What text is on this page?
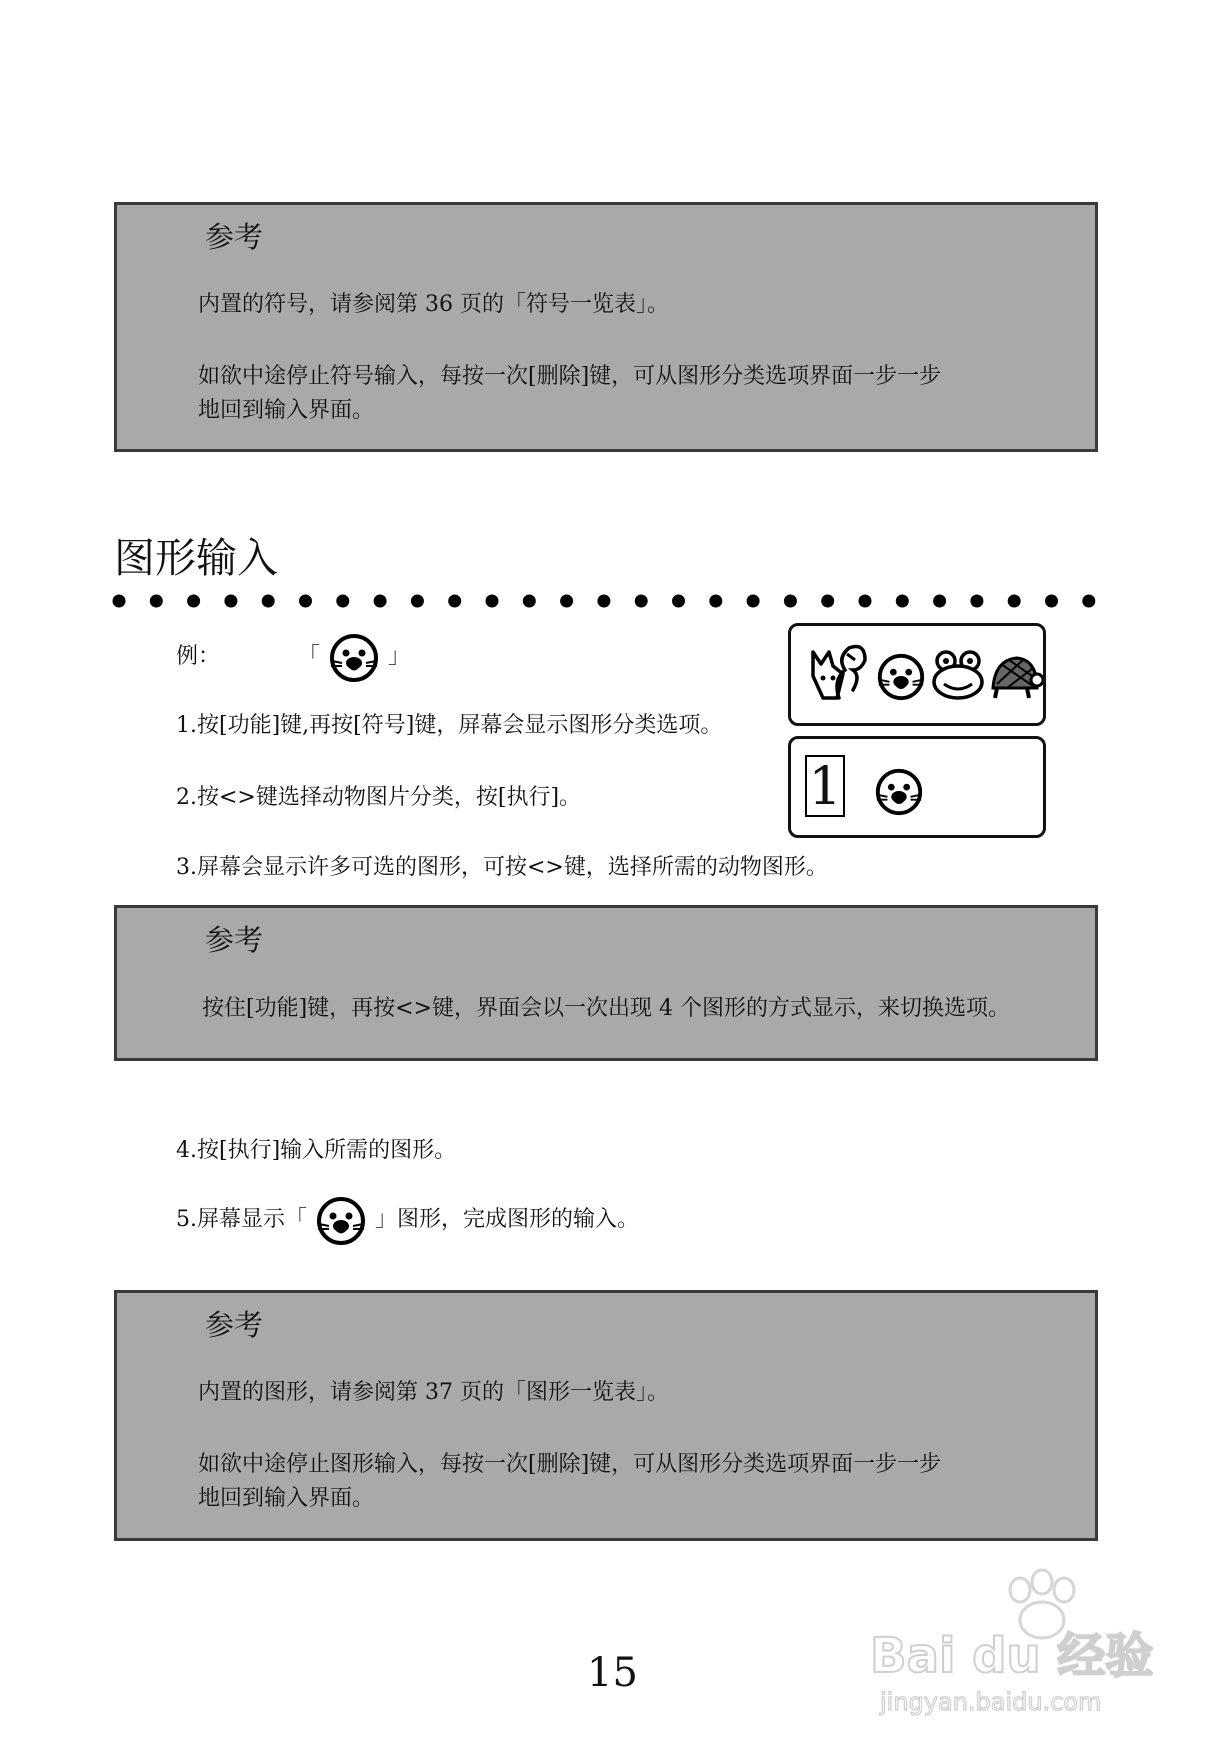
参考

内置的符号，请参阅第 36 页的「符号一览表」。

如欲中途停止符号输入，每按一次[删除]键，可从图形分类选项界面一步一步

地回到输入界面。

图形输入
例：	「	」

1.按[功能]键,再按[符号]键，屏幕会显示图形分类选项。

2.按<>键选择动物图片分类，按[执行]。

3.屏幕会显示许多可选的图形，可按<>键，选择所需的动物图形。

1
参考

按住[功能]键，再按<>键，界面会以一次出现 4 个图形的方式显示，来切换选项。

4.按[执行]输入所需的图形。

5.屏幕显示「	」图形，完成图形的输入。
参考

内置的图形，请参阅第 37 页的「图形一览表」。

如欲中途停止图形输入，每按一次[删除]键，可从图形分类选项界面一步一步

地回到输入界面。

Bai du 经验
jingyan.baidu.com
15
